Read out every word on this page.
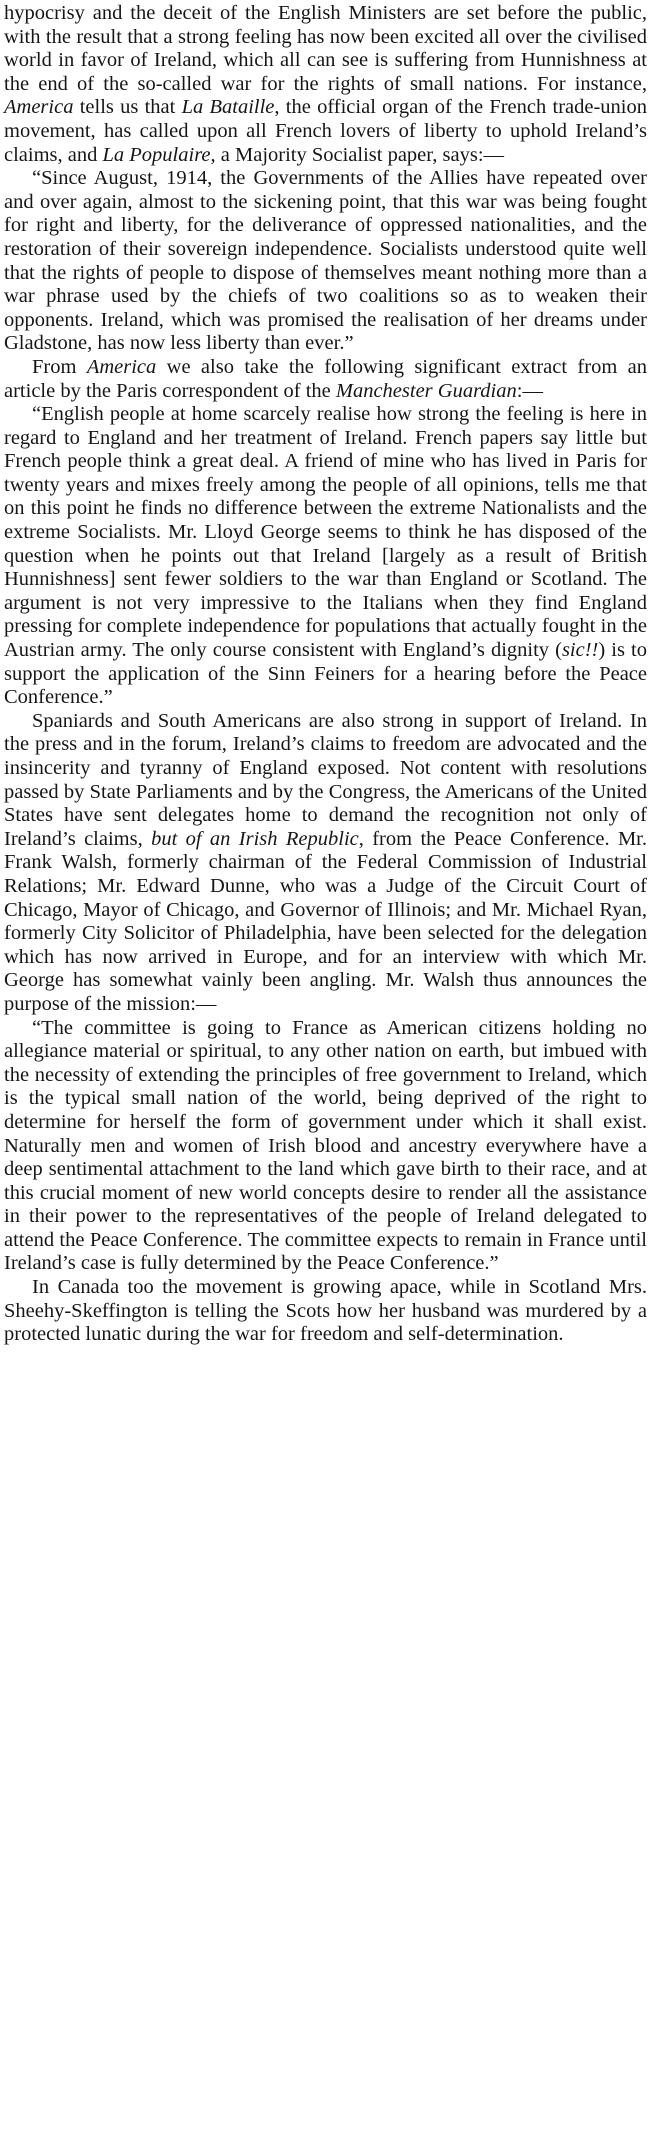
hypocrisy and the deceit of the English Ministers are set before the public, with the result that a strong feeling has now been excited all over the civilised world in favor of Ireland, which all can see is suffering from Hunnishness at the end of the so-called war for the rights of small nations. For instance, America tells us that La Bataille, the official organ of the French trade-union movement, has called upon all French lovers of liberty to uphold Ireland’s claims, and La Populaire, a Majority Socialist paper, says:—

“Since August, 1914, the Governments of the Allies have repeated over and over again, almost to the sickening point, that this war was being fought for right and liberty, for the deliverance of oppressed nationalities, and the restoration of their sovereign independence. Socialists understood quite well that the rights of people to dispose of themselves meant nothing more than a war phrase used by the chiefs of two coalitions so as to weaken their opponents. Ireland, which was promised the realisation of her dreams under Gladstone, has now less liberty than ever.”

From America we also take the following significant extract from an article by the Paris correspondent of the Manchester Guardian:—

“English people at home scarcely realise how strong the feeling is here in regard to England and her treatment of Ireland. French papers say little but French people think a great deal. A friend of mine who has lived in Paris for twenty years and mixes freely among the people of all opinions, tells me that on this point he finds no difference between the extreme Nationalists and the extreme Socialists. Mr. Lloyd George seems to think he has disposed of the question when he points out that Ireland [largely as a result of British Hunnishness] sent fewer soldiers to the war than England or Scotland. The argument is not very impressive to the Italians when they find England pressing for complete independence for populations that actually fought in the Austrian army. The only course consistent with England’s dignity (sic!!) is to support the application of the Sinn Feiners for a hearing before the Peace Conference.”

Spaniards and South Americans are also strong in support of Ireland. In the press and in the forum, Ireland’s claims to freedom are advocated and the insincerity and tyranny of England exposed. Not content with resolutions passed by State Parliaments and by the Congress, the Americans of the United States have sent delegates home to demand the recognition not only of Ireland’s claims, but of an Irish Republic, from the Peace Conference. Mr. Frank Walsh, formerly chairman of the Federal Commission of Industrial Relations; Mr. Edward Dunne, who was a Judge of the Circuit Court of Chicago, Mayor of Chicago, and Governor of Illinois; and Mr. Michael Ryan, formerly City Solicitor of Philadelphia, have been selected for the delegation which has now arrived in Europe, and for an interview with which Mr. George has somewhat vainly been angling. Mr. Walsh thus announces the purpose of the mission:—

“The committee is going to France as American citizens holding no allegiance material or spiritual, to any other nation on earth, but imbued with the necessity of extending the principles of free government to Ireland, which is the typical small nation of the world, being deprived of the right to determine for herself the form of government under which it shall exist. Naturally men and women of Irish blood and ancestry everywhere have a deep sentimental attachment to the land which gave birth to their race, and at this crucial moment of new world concepts desire to render all the assistance in their power to the representatives of the people of Ireland delegated to attend the Peace Conference. The committee expects to remain in France until Ireland’s case is fully determined by the Peace Conference.”

In Canada too the movement is growing apace, while in Scotland Mrs. Sheehy-Skeffington is telling the Scots how her husband was murdered by a protected lunatic during the war for freedom and self-determination.
